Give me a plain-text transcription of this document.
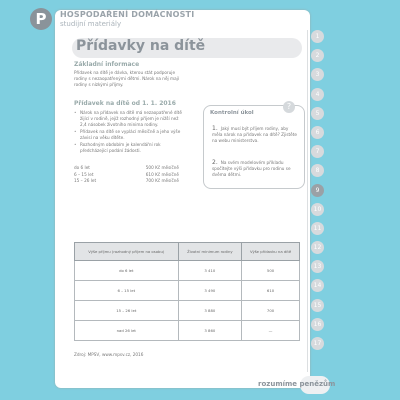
P	HOSPODAŘENÍ DOMÁCNOSTI
studijní materiály
Přídavky na dítě
Základní informace
Přídavek na dítě je dávka, kterou stát podporuje rodiny s nezaopatřenými dětmi. Nárok na něj mají rodiny s nízkými příjmy.
Přídavek na dítě od 1. 1. 2016
• Nárok na přídavek na dítě má nezaopatřené dítě žijící v rodině, jejíž rozhodný příjem je nižší než 2,4 násobek životního minima rodiny.
• Přídavek na dítě se vyplácí měsíčně a jeho výše závisí na věku dítěte.
• Rozhodným obdobím je kalendářní rok předcházející podání žádosti.
do 6 let	500 Kč měsíčně
6 – 15 let	610 Kč měsíčně
15 – 26 let	700 Kč měsíčně
Kontrolní úkol
?
1. Jaký musí být příjem rodiny, aby měla nárok na přídavek na dítě? Zjistěte na webu ministerstva.
2. Na svém modelovém příkladu spočítejte výši přídavku pro rodinu se dvěma dětmi.
Výše příjmu (rozhodný příjem na osobu)	Životní minimum rodiny	Výše přídavku na dítě
do 6 let	3 410	500
6 – 15 let	3 490	610
15 – 26 let	3 880	700
nad 26 let	3 860	—
Zdroj: MPSV, www.mpsv.cz, 2016
rozumíme penězům
1
2
3
4
5
6
7
8
9
10
11
12
13
14
15
16
17
